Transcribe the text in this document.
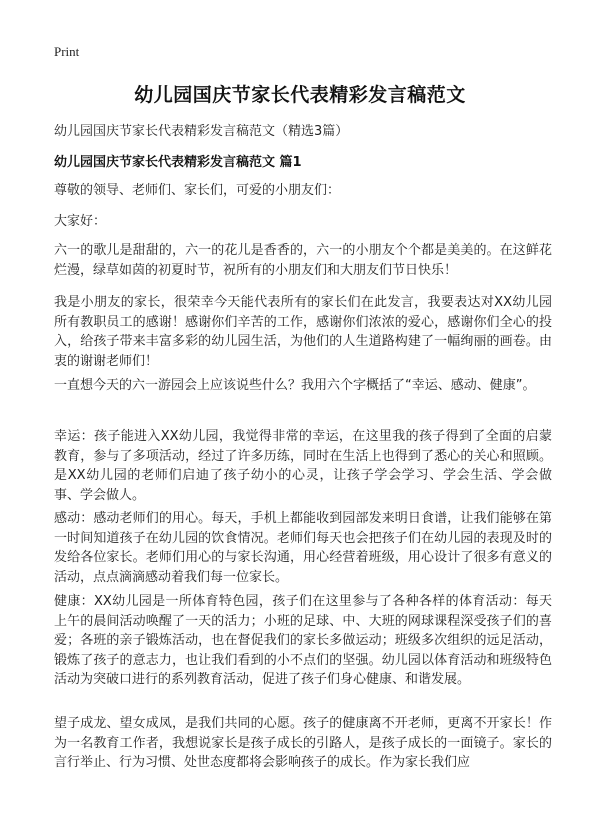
Print
幼儿园国庆节家长代表精彩发言稿范文
幼儿园国庆节家长代表精彩发言稿范文（精选3篇）
幼儿园国庆节家长代表精彩发言稿范文 篇1
尊敬的领导、老师们、家长们，可爱的小朋友们：
大家好：
六一的歌儿是甜甜的，六一的花儿是香香的，六一的小朋友个个都是美美的。在这鲜花烂漫，绿草如茵的初夏时节，祝所有的小朋友们和大朋友们节日快乐！
我是小朋友的家长，很荣幸今天能代表所有的家长们在此发言，我要表达对XX幼儿园所有教职员工的感谢！感谢你们辛苦的工作，感谢你们浓浓的爱心，感谢你们全心的投入，给孩子带来丰富多彩的幼儿园生活，为他们的人生道路构建了一幅绚丽的画卷。由衷的谢谢老师们！
一直想今天的六一游园会上应该说些什么？我用六个字概括了“幸运、感动、健康”。
幸运：孩子能进入XX幼儿园，我觉得非常的幸运，在这里我的孩子得到了全面的启蒙教育，参与了多项活动，经过了许多历练，同时在生活上也得到了悉心的关心和照顾。是XX幼儿园的老师们启迪了孩子幼小的心灵，让孩子学会学习、学会生活、学会做事、学会做人。
感动：感动老师们的用心。每天，手机上都能收到园部发来明日食谱，让我们能够在第一时间知道孩子在幼儿园的饮食情况。老师们每天也会把孩子们在幼儿园的表现及时的 发给各位家长。老师们用心的与家长沟通，用心经营着班级，用心设计了很多有意义的活动，点点滴滴感动着我们每一位家长。
健康：XX幼儿园是一所体育特色园，孩子们在这里参与了各种各样的体育活动：每天上午的晨间活动唤醒了一天的活力；小班的足球、中、大班的网球课程深受孩子们的喜爱；各班的亲子锻炼活动，也在督促我们的家长多做运动；班级多次组织的远足活动，锻炼了孩子的意志力，也让我们看到的小不点们的坚强。幼儿园以体育活动和班级特色活动为突破口进行的系列教育活动，促进了孩子们身心健康、和谐发展。
望子成龙、望女成凤，是我们共同的心愿。孩子的健康离不开老师，更离不开家长！作为一名教育工作者，我想说家长是孩子成长的引路人，是孩子成长的一面镜子。家长的言行举止、行为习惯、处世态度都将会影响孩子的成长。作为家长我们应
